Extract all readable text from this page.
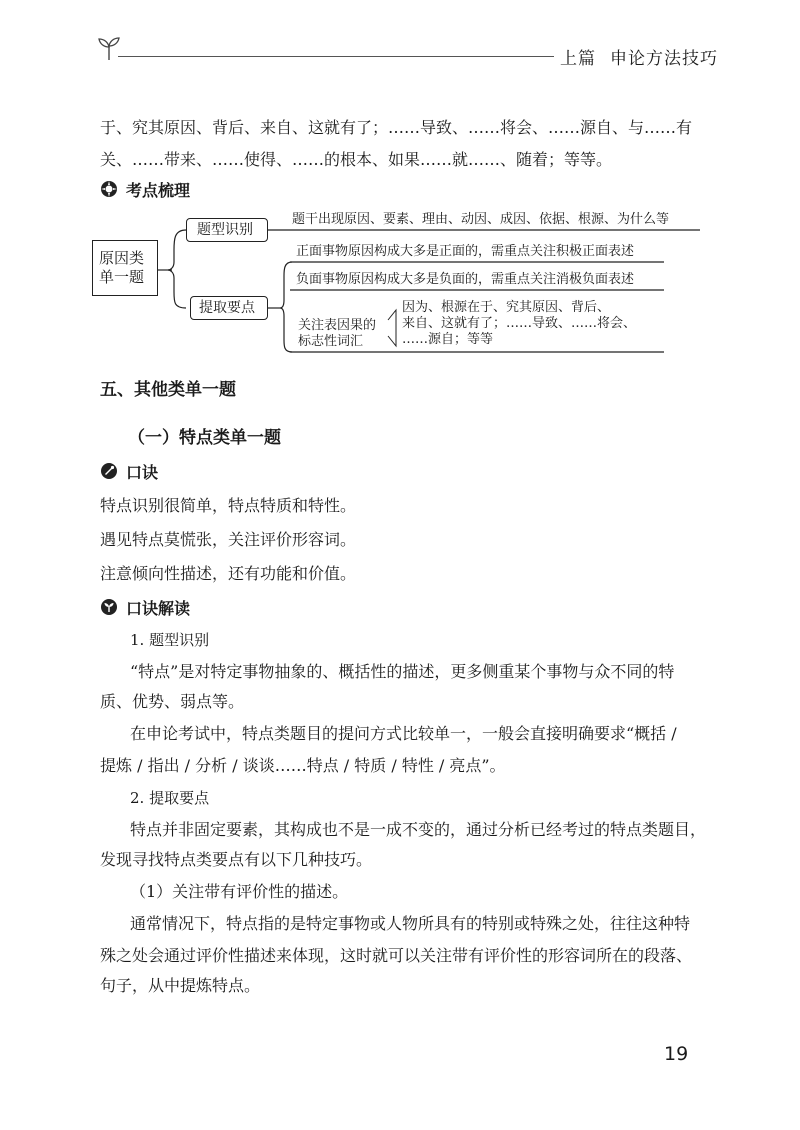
上篇 申论方法技巧
于、究其原因、背后、来自、这就有了；……导致、……将会、……源自、与……有
关、……带来、……使得、……的根本、如果……就……、随着；等等。
考点梳理
原因类
单一题
题型识别
题干出现原因、要素、理由、动因、成因、依据、根源、为什么等
提取要点
正面事物原因构成大多是正面的，需重点关注积极正面表述
负面事物原因构成大多是负面的，需重点关注消极负面表述
关注表因果的
标志性词汇
因为、根源在于、究其原因、背后、
来自、这就有了；……导致、……将会、
……源自；等等
五、其他类单一题
（一）特点类单一题
口诀
特点识别很简单，特点特质和特性。
遇见特点莫慌张，关注评价形容词。
注意倾向性描述，还有功能和价值。
口诀解读
1. 题型识别
“特点”是对特定事物抽象的、概括性的描述，更多侧重某个事物与众不同的特
质、优势、弱点等。
在申论考试中，特点类题目的提问方式比较单一，一般会直接明确要求“概括 /
提炼 / 指出 / 分析 / 谈谈……特点 / 特质 / 特性 / 亮点”。
2. 提取要点
特点并非固定要素，其构成也不是一成不变的，通过分析已经考过的特点类题目，
发现寻找特点类要点有以下几种技巧。
（1）关注带有评价性的描述。
通常情况下，特点指的是特定事物或人物所具有的特别或特殊之处，往往这种特
殊之处会通过评价性描述来体现，这时就可以关注带有评价性的形容词所在的段落、
句子，从中提炼特点。
19
